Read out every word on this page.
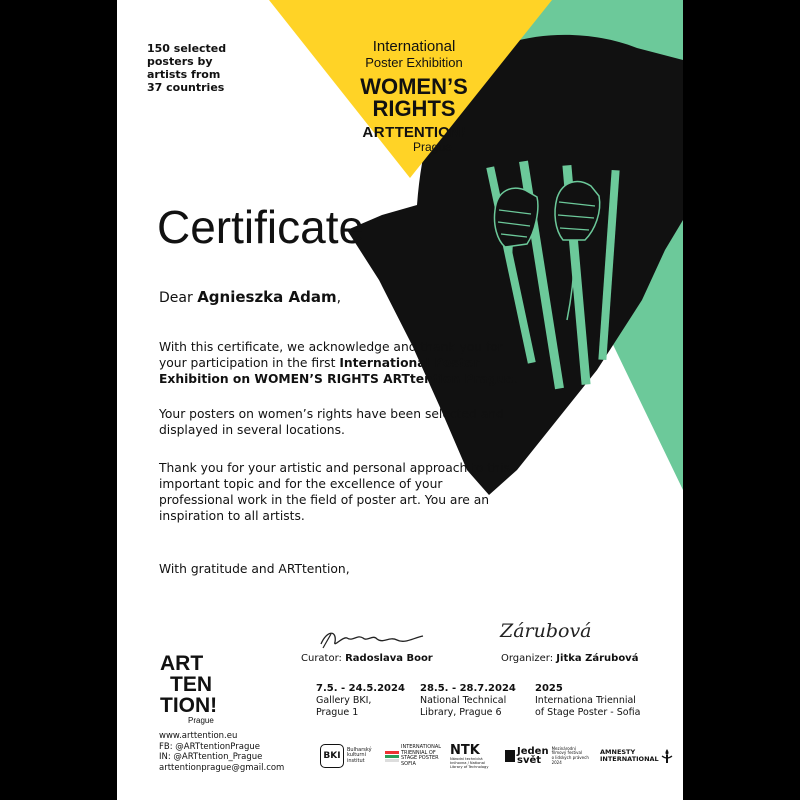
150 selected
posters by
artists from
37 countries
International
Poster Exhibition
WOMEN’S
RIGHTS
ARTTENTION!
Prague
Certificate
Dear Agnieszka Adam,
With this certificate, we acknowledge and thank you for your participation in the first International Poster Exhibition on WOMEN’S RIGHTS ARTtention Prague.
Your posters on women’s rights have been selected and displayed in several locations.
Thank you for your artistic and personal approach to this important topic and for the excellence of your professional work in the field of poster art. You are an inspiration to all artists.
With gratitude and ARTtention,
Zárubová
Curator: Radoslava Boor	Organizer: Jitka Zárubová
7.5. - 24.5.2024
Gallery BKI,
Prague 1
28.5. - 28.7.2024
National Technical
Library, Prague 6
2025
Internationa Triennial
of Stage Poster - Sofia
ART
TEN
TION!
Prague
www.arttention.eu
FB: @ARTtentionPrague
IN: @ARTtention_Prague
arttentionprague@gmail.com
BKI
Bulharský
kulturní
institut
INTERNATIONAL
TRIENNIAL OF
STAGE POSTER
SOFIA
NTK
Národní technická knihovna / National Library of Technology
Jeden
svět
Mezinárodní
filmový festival
o lidských právech
2024
AMNESTY
INTERNATIONAL
